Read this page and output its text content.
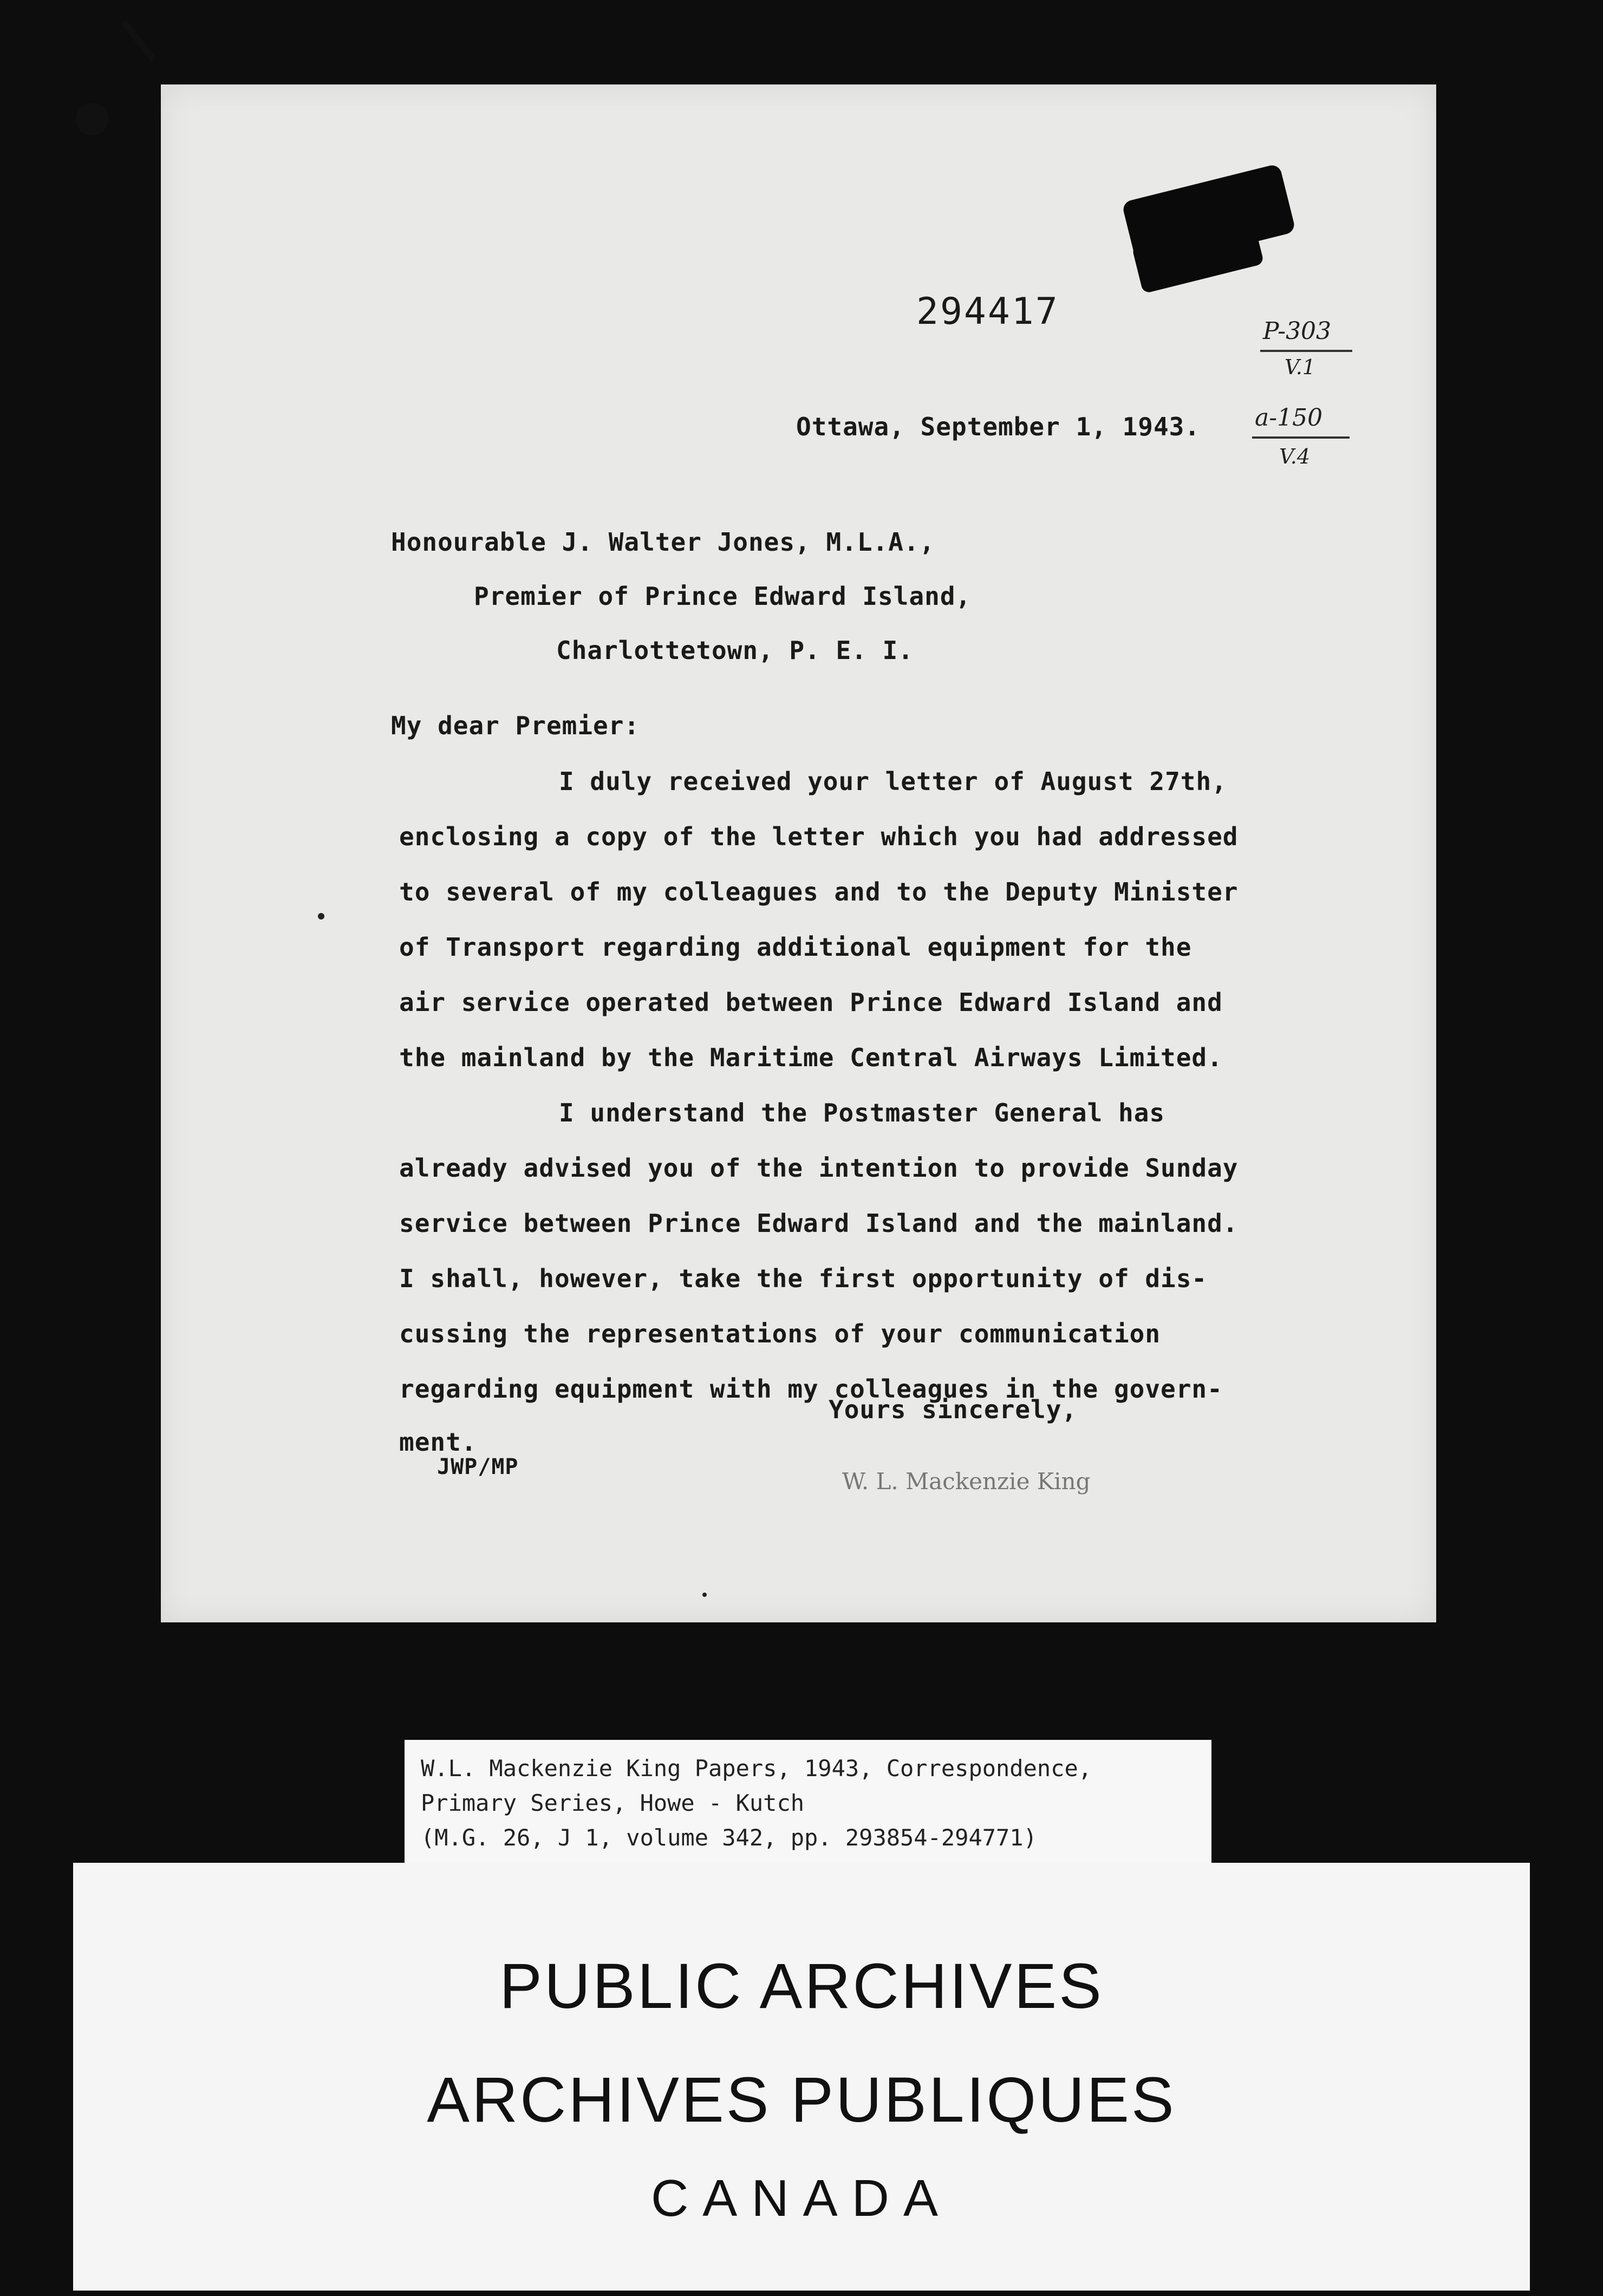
294417	P-303
V.1
a-150
V.4
Ottawa, September 1, 1943.
Honourable J. Walter Jones, M.L.A.,
Premier of Prince Edward Island,
Charlottetown, P. E. I.
My dear Premier:
I duly received your letter of August 27th,
enclosing a copy of the letter which you had addressed
to several of my colleagues and to the Deputy Minister
of Transport regarding additional equipment for the
air service operated between Prince Edward Island and
the mainland by the Maritime Central Airways Limited.
I understand the Postmaster General has
already advised you of the intention to provide Sunday
service between Prince Edward Island and the mainland.
I shall, however, take the first opportunity of dis-
cussing the representations of your communication
regarding equipment with my colleagues in the govern-
ment.
Yours sincerely,
JWP/MP
W. L. Mackenzie King
W.L. Mackenzie King Papers, 1943, Correspondence,
Primary Series, Howe - Kutch
(M.G. 26, J 1, volume 342, pp. 293854-294771)
PUBLIC ARCHIVES
ARCHIVES PUBLIQUES
CANADA
